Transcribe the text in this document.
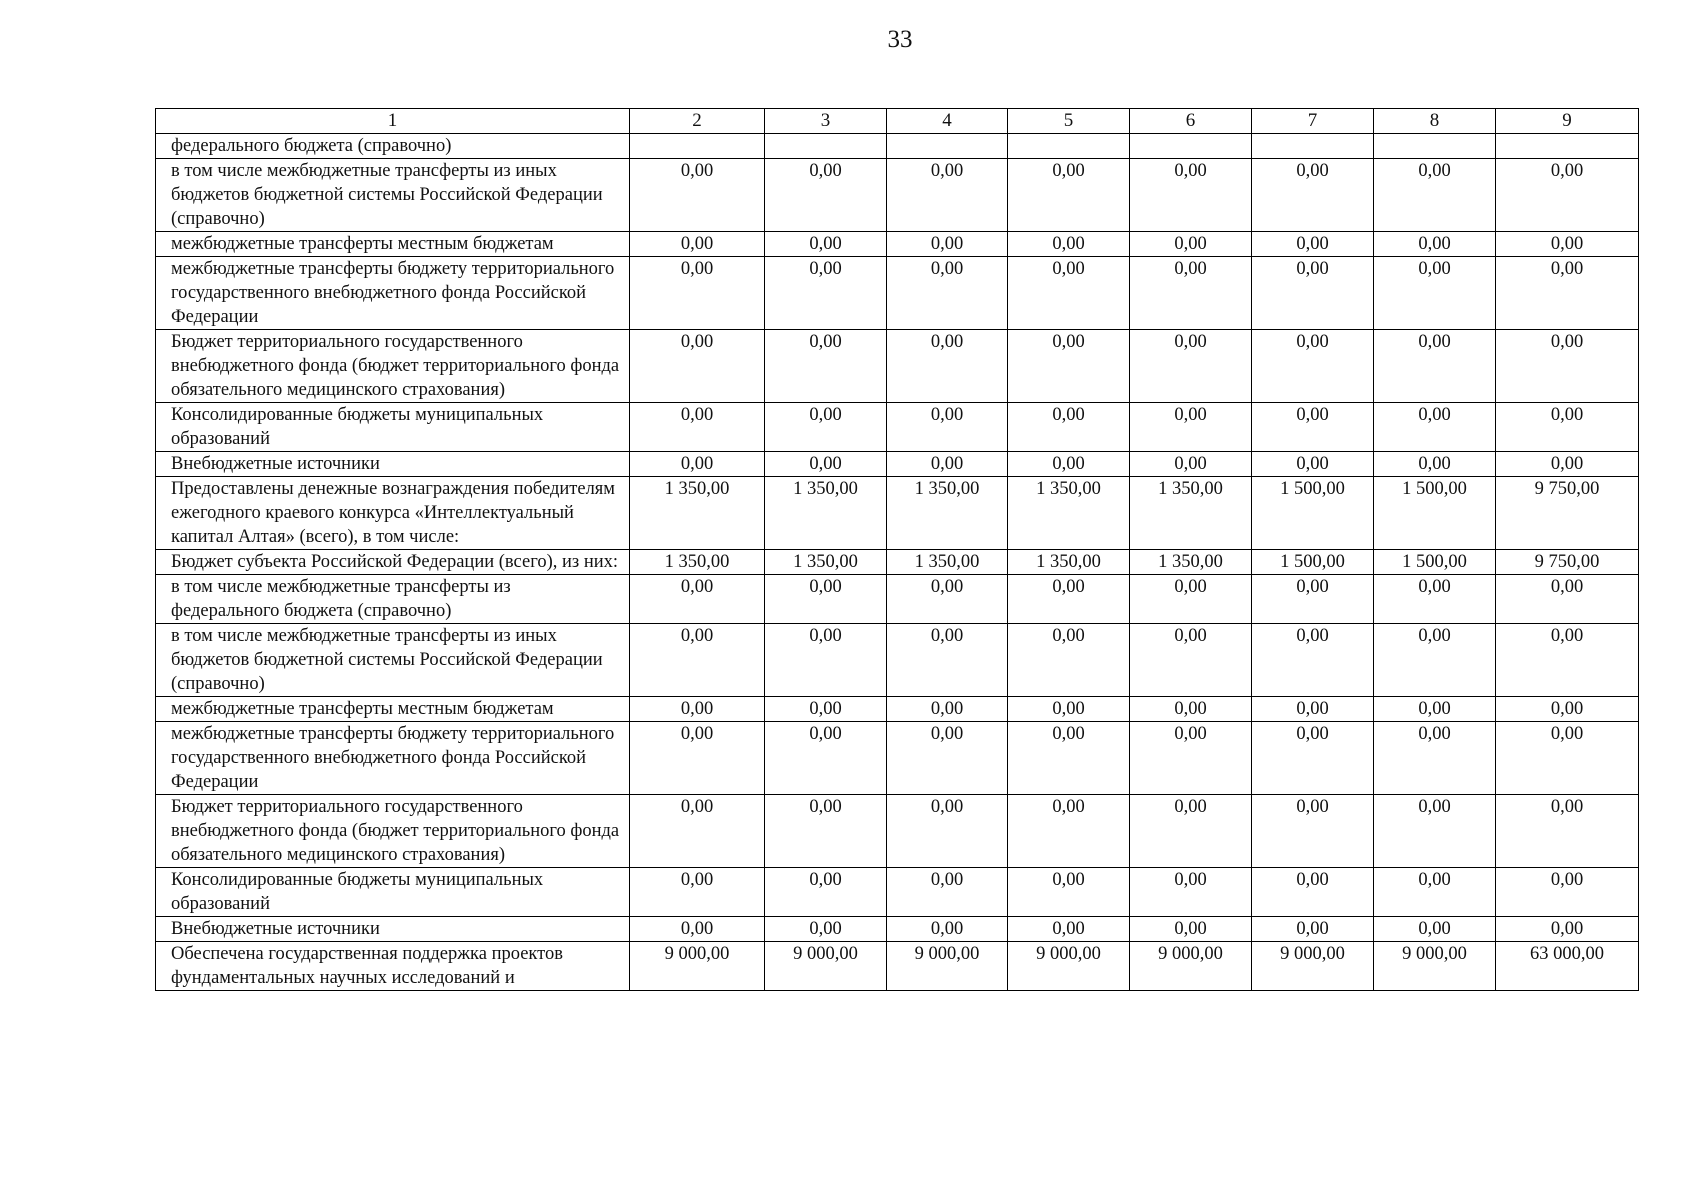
33
1	2	3	4	5	6	7	8	9
федерального бюджета (справочно)								
в том числе межбюджетные трансферты из иных бюджетов бюджетной системы Российской Федерации (справочно)	0,00	0,00	0,00	0,00	0,00	0,00	0,00	0,00
межбюджетные трансферты местным бюджетам	0,00	0,00	0,00	0,00	0,00	0,00	0,00	0,00
межбюджетные трансферты бюджету территориального государственного внебюджетного фонда Российской Федерации	0,00	0,00	0,00	0,00	0,00	0,00	0,00	0,00
Бюджет территориального государственного внебюджетного фонда (бюджет территориального фонда обязательного медицинского страхования)	0,00	0,00	0,00	0,00	0,00	0,00	0,00	0,00
Консолидированные бюджеты муниципальных образований	0,00	0,00	0,00	0,00	0,00	0,00	0,00	0,00
Внебюджетные источники	0,00	0,00	0,00	0,00	0,00	0,00	0,00	0,00
Предоставлены денежные вознаграждения победителям ежегодного краевого конкурса «Интеллектуальный капитал Алтая» (всего), в том числе:	1 350,00	1 350,00	1 350,00	1 350,00	1 350,00	1 500,00	1 500,00	9 750,00
Бюджет субъекта Российской Федерации (всего), из них:	1 350,00	1 350,00	1 350,00	1 350,00	1 350,00	1 500,00	1 500,00	9 750,00
в том числе межбюджетные трансферты из федерального бюджета (справочно)	0,00	0,00	0,00	0,00	0,00	0,00	0,00	0,00
в том числе межбюджетные трансферты из иных бюджетов бюджетной системы Российской Федерации (справочно)	0,00	0,00	0,00	0,00	0,00	0,00	0,00	0,00
межбюджетные трансферты местным бюджетам	0,00	0,00	0,00	0,00	0,00	0,00	0,00	0,00
межбюджетные трансферты бюджету территориального государственного внебюджетного фонда Российской Федерации	0,00	0,00	0,00	0,00	0,00	0,00	0,00	0,00
Бюджет территориального государственного внебюджетного фонда (бюджет территориального фонда обязательного медицинского страхования)	0,00	0,00	0,00	0,00	0,00	0,00	0,00	0,00
Консолидированные бюджеты муниципальных образований	0,00	0,00	0,00	0,00	0,00	0,00	0,00	0,00
Внебюджетные источники	0,00	0,00	0,00	0,00	0,00	0,00	0,00	0,00
Обеспечена государственная поддержка проектов фундаментальных научных исследований и	9 000,00	9 000,00	9 000,00	9 000,00	9 000,00	9 000,00	9 000,00	63 000,00
